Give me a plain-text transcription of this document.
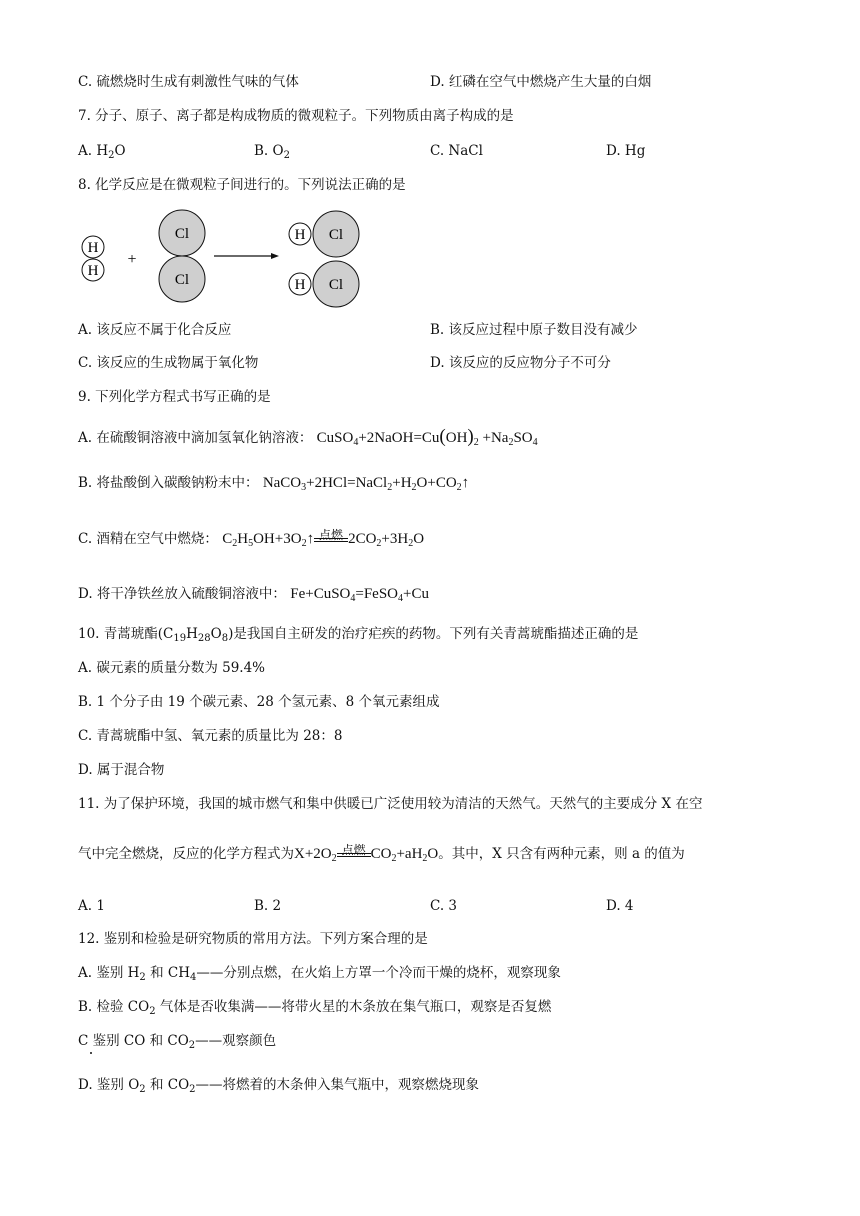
C. 硫燃烧时生成有刺激性气味的气体	D. 红磷在空气中燃烧产生大量的白烟
7. 分子、原子、离子都是构成物质的微观粒子。下列物质由离子构成的是
A. $H_2O$	B. $O_2$	C. NaCl	D. Hg
8. 化学反应是在微观粒子间进行的。下列说法正确的是
H
H
+
Cl
Cl
H Cl
H Cl
A. 该反应不属于化合反应	B. 该反应过程中原子数目没有减少
C. 该反应的生成物属于氧化物	D. 该反应的反应物分子不可分
9. 下列化学方程式书写正确的是
A. 在硫酸铜溶液中滴加氢氧化钠溶液： $CuSO_4+2NaOH=Cu(OH)_2 +Na_2SO_4$
B. 将盐酸倒入碳酸钠粉末中： $NaCO_3+2HCl=NaCl_2+H_2O+CO_2↑$
C. 酒精在空气中燃烧： $C_2H_5OH+3O_2↑$ 点燃 $2CO_2+3H_2O$
D. 将干净铁丝放入硫酸铜溶液中： Fe+CuSO$_4$=FeSO$_4$+Cu
10. 青蒿琥酯$(C_{19}H_{28}O_8)$是我国自主研发的治疗疟疾的药物。下列有关青蒿琥酯描述正确的是
A. 碳元素的质量分数为 59.4%
B. 1 个分子由 19 个碳元素、28 个氢元素、8 个氧元素组成
C. 青蒿琥酯中氢、氧元素的质量比为 28：8
D. 属于混合物
11. 为了保护环境，我国的城市燃气和集中供暖已广泛使用较为清洁的天然气。天然气的主要成分 X 在空
气中完全燃烧，反应的化学方程式为$X+2O_2$
点燃 $CO_2+aH_2O$。其中，X 只含有两种元素，则 a 的值为
A. 1	B. 2	C. 3	D. 4
12. 鉴别和检验是研究物质的常用方法。下列方案合理的是
A. 鉴别 $H_2$ 和 $CH_4——$分别点燃，在火焰上方罩一个冷而干燥的烧杯，观察现象
B. 检验 $CO_2$ 气体是否收集满——将带火星的木条放在集气瓶口，观察是否复燃
C 鉴别 CO 和 $CO_2——$观察颜色
D. 鉴别 $O_2$ 和 $CO_2——$将燃着的木条伸入集气瓶中，观察燃烧现象
